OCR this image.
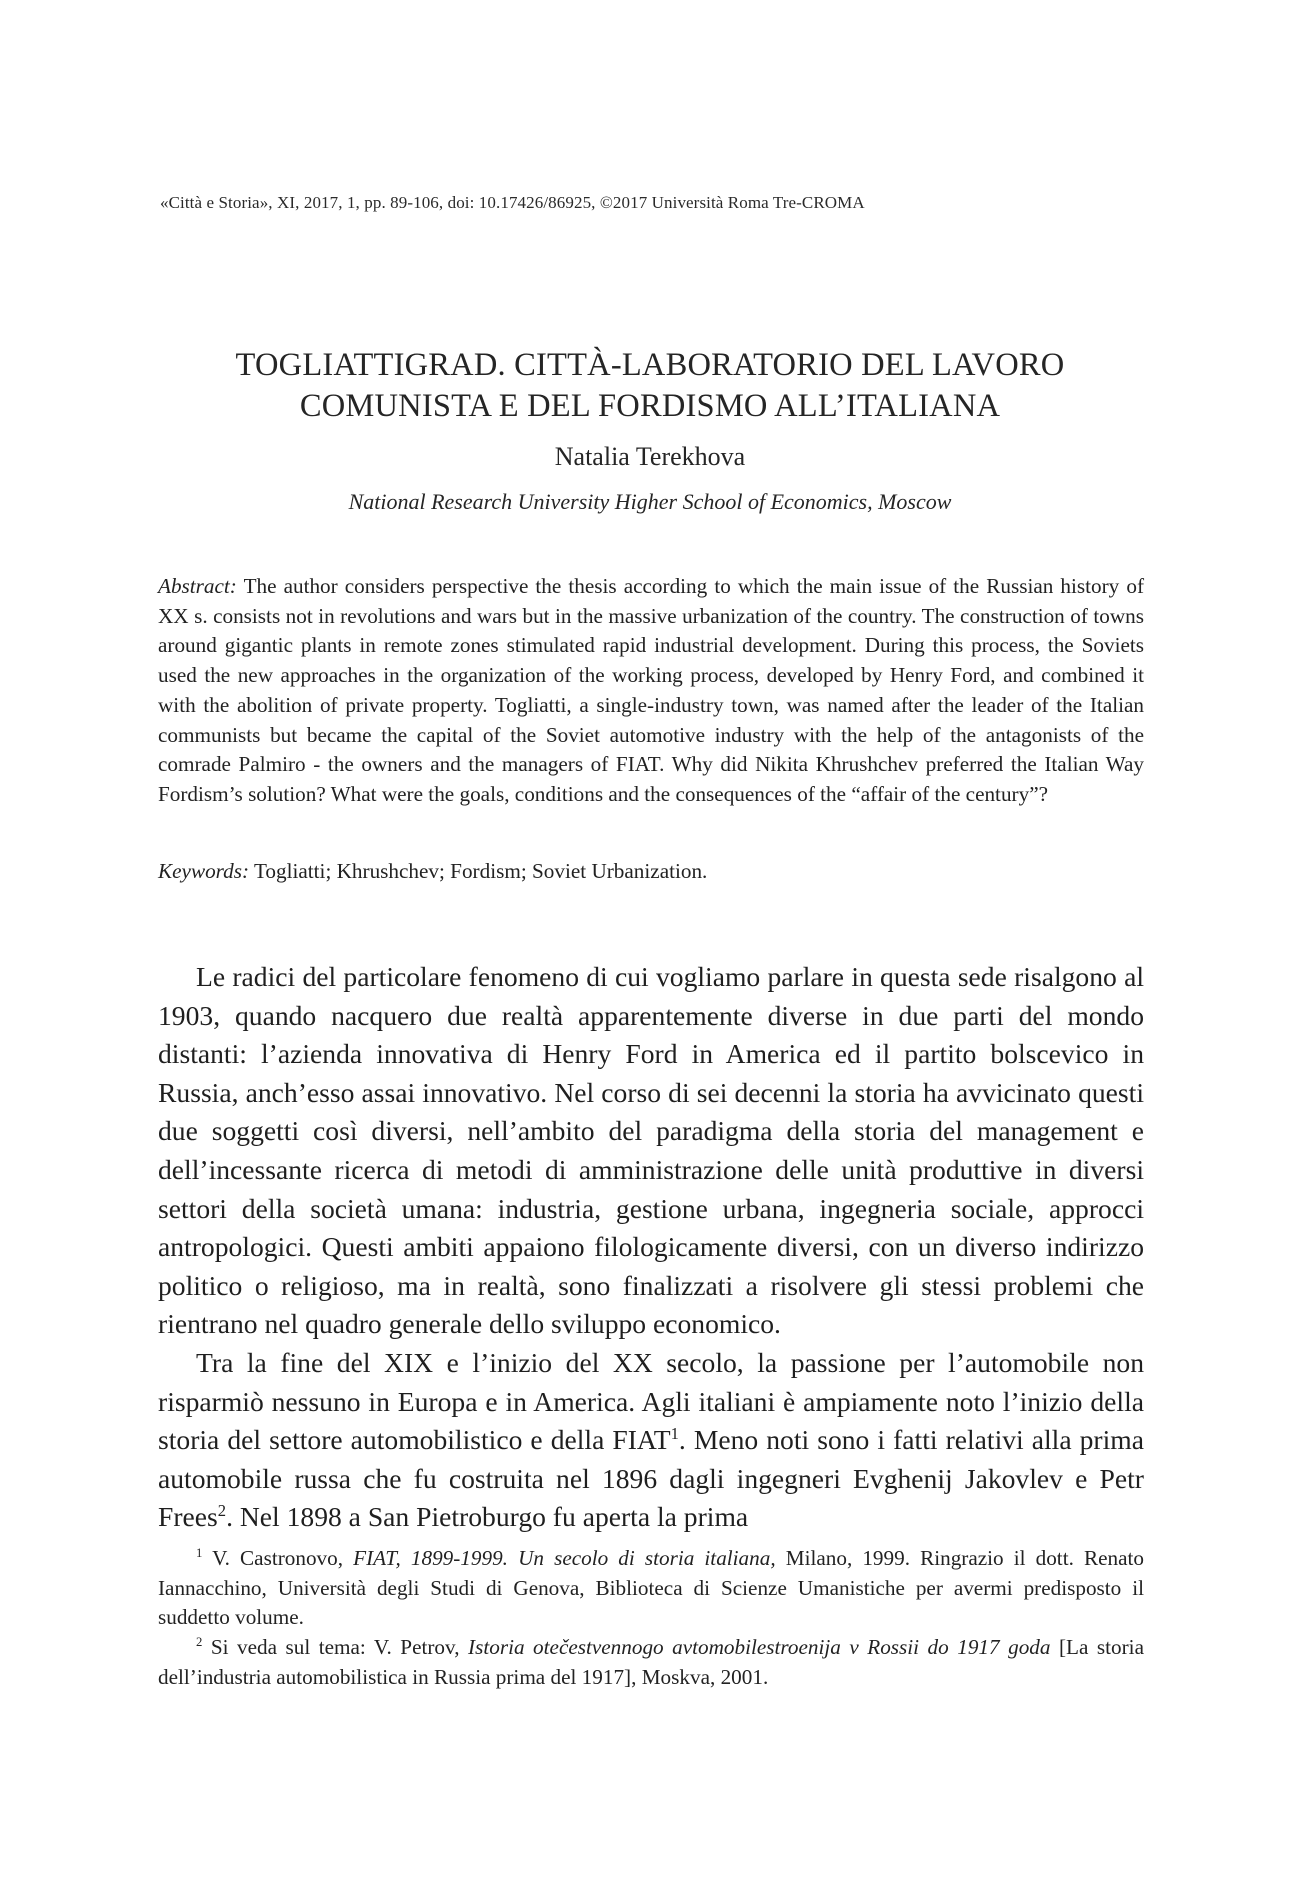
«Città e Storia», XI, 2017, 1, pp. 89-106, doi: 10.17426/86925, ©2017 Università Roma Tre-CROMA
TOGLIATTIGRAD. CITTÀ-LABORATORIO DEL LAVORO
COMUNISTA E DEL FORDISMO ALL’ITALIANA
Natalia Terekhova
National Research University Higher School of Economics, Moscow

Abstract: The author considers perspective the thesis according to which the main issue of the Russian history of XX s. consists not in revolutions and wars but in the massive urbanization of the country. The construction of towns around gigantic plants in remote zones stimulated rapid industrial development. During this process, the Soviets used the new approaches in the organization of the working process, developed by Henry Ford, and combined it with the abolition of private property. Togliatti, a single-industry town, was named after the leader of the Italian communists but became the capital of the Soviet automotive industry with the help of the antagonists of the comrade Palmiro - the owners and the managers of FIAT. Why did Nikita Khrushchev preferred the Italian Way Fordism’s solution? What were the goals, conditions and the consequences of the “affair of the century”?

Keywords: Togliatti; Khrushchev; Fordism; Soviet Urbanization.

Le radici del particolare fenomeno di cui vogliamo parlare in questa sede risalgono al 1903, quando nacquero due realtà apparentemente diverse in due parti del mondo distanti: l’azienda innovativa di Henry Ford in America ed il partito bolscevico in Russia, anch’esso assai innovativo. Nel corso di sei decenni la storia ha avvicinato questi due soggetti così diversi, nell’ambito del paradigma della storia del management e dell’incessante ricerca di metodi di amministrazione delle unità produttive in diversi settori della società umana: industria, gestione urbana, ingegneria sociale, approcci antropologici. Questi ambiti appaiono filologicamente diversi, con un diverso indirizzo politico o religioso, ma in realtà, sono finalizzati a risolvere gli stessi problemi che rientrano nel quadro generale dello sviluppo economico.

Tra la fine del XIX e l’inizio del XX secolo, la passione per l’automobile non risparmiò nessuno in Europa e in America. Agli italiani è ampiamente noto l’inizio della storia del settore automobilistico e della FIAT$^1$. Meno noti sono i fatti relativi alla prima automobile russa che fu costruita nel 1896 dagli ingegneri Evghenij Jakovlev e Petr Frees$^2$. Nel 1898 a San Pietroburgo fu aperta la prima

$^1$ V. Castronovo, FIAT, 1899-1999. Un secolo di storia italiana, Milano, 1999. Ringrazio il dott. Renato Iannacchino, Università degli Studi di Genova, Biblioteca di Scienze Umanistiche per avermi predisposto il suddetto volume.

$^2$ Si veda sul tema: V. Petrov, Istoria otečestvennogo avtomobilestroenija v Rossii do 1917 goda [La storia dell’industria automobilistica in Russia prima del 1917], Moskva, 2001.
